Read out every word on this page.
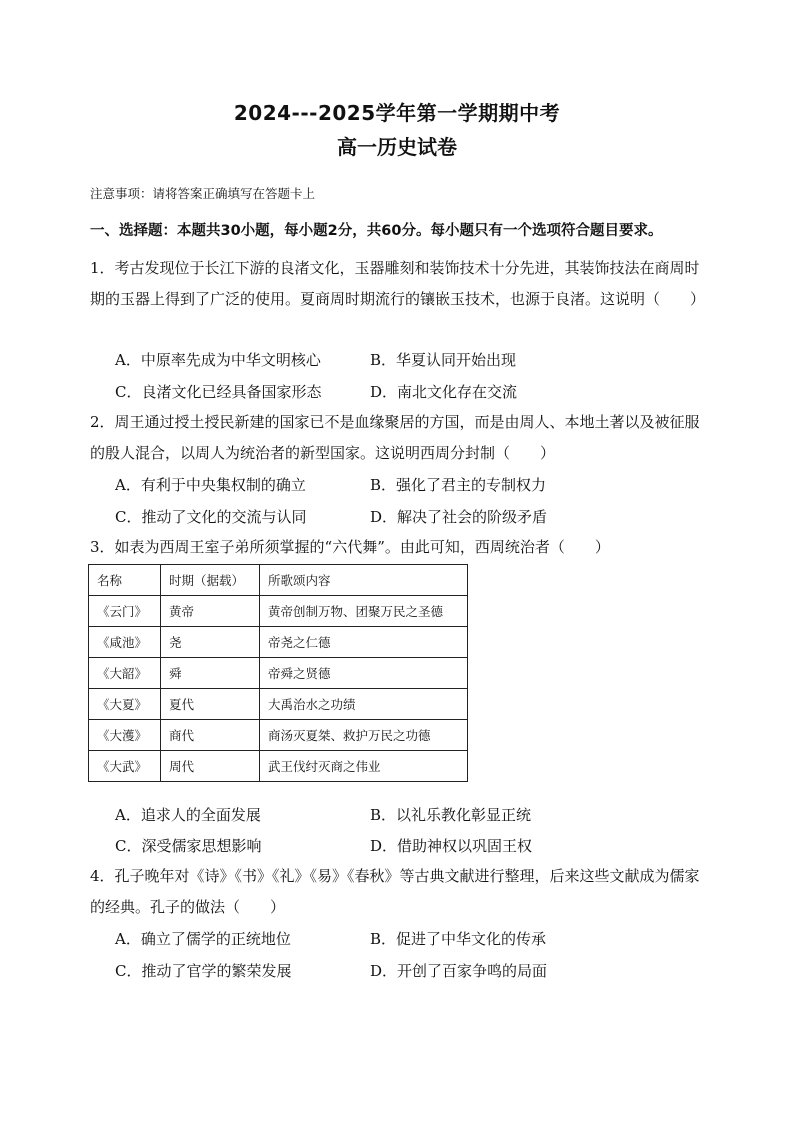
2024---2025学年第一学期期中考
高一历史试卷
注意事项：请将答案正确填写在答题卡上
一、选择题：本题共30小题，每小题2分，共60分。每小题只有一个选项符合题目要求。
1．考古发现位于长江下游的良渚文化，玉器雕刻和装饰技术十分先进，其装饰技法在商周时期的玉器上得到了广泛的使用。夏商周时期流行的镶嵌玉技术，也源于良渚。这说明（　　）
A．中原率先成为中华文明核心	B．华夏认同开始出现
C．良渚文化已经具备国家形态	D．南北文化存在交流
2．周王通过授土授民新建的国家已不是血缘聚居的方国，而是由周人、本地土著以及被征服的殷人混合，以周人为统治者的新型国家。这说明西周分封制（　　）
A．有利于中央集权制的确立	B．强化了君主的专制权力
C．推动了文化的交流与认同	D．解决了社会的阶级矛盾
3．如表为西周王室子弟所须掌握的“六代舞”。由此可知，西周统治者（　　）
名称	时期（据载）	所歌颂内容
《云门》	黄帝	黄帝创制万物、团聚万民之圣德
《咸池》	尧	帝尧之仁德
《大韶》	舜	帝舜之贤德
《大夏》	夏代	大禹治水之功绩
《大濩》	商代	商汤灭夏桀、救护万民之功德
《大武》	周代	武王伐纣灭商之伟业
A．追求人的全面发展	B．以礼乐教化彰显正统
C．深受儒家思想影响	D．借助神权以巩固王权
4．孔子晚年对《诗》《书》《礼》《易》《春秋》等古典文献进行整理，后来这些文献成为儒家的经典。孔子的做法（　　）
A．确立了儒学的正统地位	B．促进了中华文化的传承
C．推动了官学的繁荣发展	D．开创了百家争鸣的局面
